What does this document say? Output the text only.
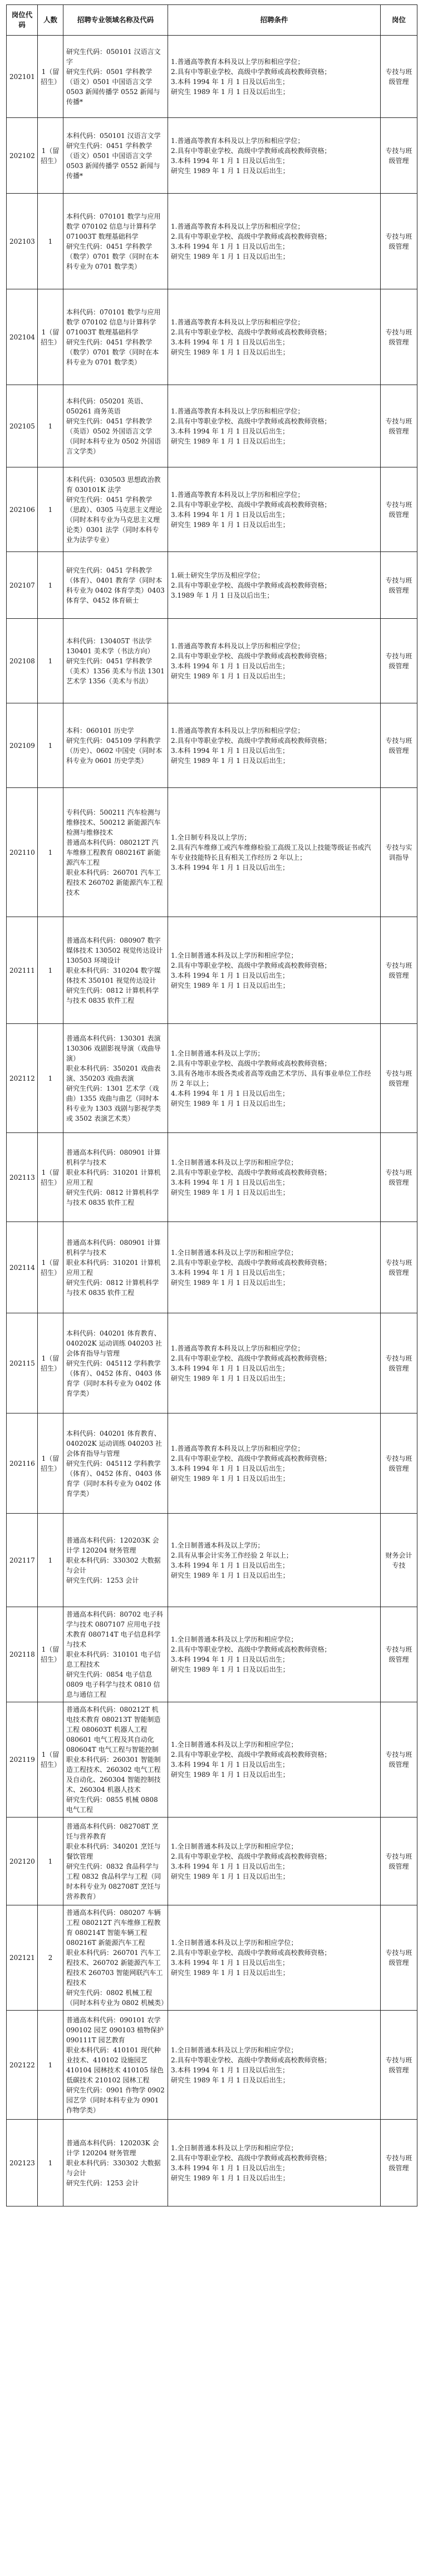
岗位代码	人数	招聘专业领域名称及代码	招聘条件	岗位
202101	1（留招生）	研究生代码：050101 汉语言文字
研究生代码：0501 学科教学（语文）0501 中国语言文学 0503 新闻传播学 0552 新闻与传播*	1.普通高等教育本科及以上学历和相应学位；
2.具有中等职业学校、高级中学教师或高校教师资格；
3.本科 1994 年 1 月 1 日及以后出生；
研究生 1989 年 1 月 1 日及以后出生；	专技与班级管理
202102	1（留招生）	本科代码：050101 汉语言文学
研究生代码：0451 学科教学（语文）0501 中国语言文学 0503 新闻传播学 0552 新闻与传播*	1.普通高等教育本科及以上学历和相应学位；
2.具有中等职业学校、高级中学教师或高校教师资格；
3.本科 1994 年 1 月 1 日及以后出生；
研究生 1989 年 1 月 1 日及以后出生；	专技与班级管理
202103	1	本科代码：070101 数学与应用数学 070102 信息与计算科学 071003T 数理基础科学
研究生代码：0451 学科教学（数学）0701 数学（同时在本科专业为 0701 数学类）	1.普通高等教育本科及以上学历和相应学位；
2.具有中等职业学校、高级中学教师或高校教师资格；
3.本科 1994 年 1 月 1 日及以后出生；
研究生 1989 年 1 月 1 日及以后出生；	专技与班级管理
202104	1（留招生）	本科代码：070101 数学与应用数学 070102 信息与计算科学 071003T 数理基础科学
研究生代码：0451 学科教学（数学）0701 数学（同时在本科专业为 0701 数学类）	1.普通高等教育本科及以上学历和相应学位；
2.具有中等职业学校、高级中学教师或高校教师资格；
3.本科 1994 年 1 月 1 日及以后出生；
研究生 1989 年 1 月 1 日及以后出生；	专技与班级管理
202105	1	本科代码：050201 英语、050261 商务英语
研究生代码：0451 学科教学（英语）0502 外国语言文学（同时本科专业为 0502 外国语言文学类）	1.普通高等教育本科及以上学历和相应学位；
2.具有中等职业学校、高级中学教师或高校教师资格；
3.本科 1994 年 1 月 1 日及以后出生；
研究生 1989 年 1 月 1 日及以后出生；	专技与班级管理
202106	1	本科代码：030503 思想政治教育 030101K 法学
研究生代码：0451 学科教学（思政）、0305 马克思主义理论（同时本科专业为马克思主义理论类）0301 法学（同时本科专业为法学专业）	1.普通高等教育本科及以上学历和相应学位；
2.具有中等职业学校、高级中学教师或高校教师资格；
3.本科 1994 年 1 月 1 日及以后出生；
研究生 1989 年 1 月 1 日及以后出生；	专技与班级管理
202107	1	研究生代码：0451 学科教学（体育）、0401 教育学（同时本科专业为 0402 体育学类）0403 体育学、0452 体育硕士	1.硕士研究生学历及相应学位；
2.具有中等职业学校、高级中学教师或高校教师资格；
3.1989 年 1 月 1 日及以后出生；	专技与班级管理
202108	1	本科代码：130405T 书法学 130401 美术学（书法方向）
研究生代码：0451 学科教学（美术）1356 美术与书法 1301 艺术学 1356（美术与书法）	1.普通高等教育本科及以上学历和相应学位；
2.具有中等职业学校、高级中学教师或高校教师资格；
3.本科 1994 年 1 月 1 日及以后出生；
研究生 1989 年 1 月 1 日及以后出生；	专技与班级管理
202109	1	本科：060101 历史学
研究生代码：045109 学科教学（历史）、0602 中国史（同时本科专业为 0601 历史学类）	1.普通高等教育本科及以上学历和相应学位；
2.具有中等职业学校、高级中学教师或高校教师资格；
3.本科 1994 年 1 月 1 日及以后出生；
研究生 1989 年 1 月 1 日及以后出生；	专技与班级管理
202110	1	专科代码：500211 汽车检测与维修技术、500212 新能源汽车检测与维修技术
普通高本科代码：080212T 汽车维修工程教育 080216T 新能源汽车工程
职业本科代码：260701 汽车工程技术 260702 新能源汽车工程技术	1.全日制专科及以上学历；
2.具有汽车维修工或汽车维修检验工高级工及以上技能等级证书或汽车专业技能特长且有相关工作经历 2 年以上；
3.本科 1994 年 1 月 1 日及以后出生；	专技与实训指导
202111	1	普通高本科代码：080907 数字媒体技术 130502 视觉传达设计 130503 环境设计
职业本科代码：310204 数字媒体技术 350101 视觉传达设计
研究生代码：0812 计算机科学与技术 0835 软件工程	1.全日制普通本科及以上学历和相应学位；
2.具有中等职业学校、高级中学教师或高校教师资格；
3.本科 1994 年 1 月 1 日及以后出生；
研究生 1989 年 1 月 1 日及以后出生；	专技与班级管理
202112	1	普通高本科代码：130301 表演 130306 戏剧影视导演（戏曲导演）
职业本科代码：350201 戏曲表演、350203 戏曲表演
研究生代码：1301 艺术学（戏曲）1355 戏曲与曲艺（同时本科专业为 1303 戏剧与影视学类或 3502 表演艺术类）	1.全日制普通本科及以上学历；
2.具有中等职业学校、高级中学教师或高校教师资格；
3.具有各地市本级各类或者高等戏曲艺术学历、具有事业单位工作经历 2 年以上；
4.本科 1994 年 1 月 1 日及以后出生；
研究生 1989 年 1 月 1 日及以后出生；	专技与班级管理
202113	1（留招生）	普通高本科代码：080901 计算机科学与技术
职业本科代码：310201 计算机应用工程
研究生代码：0812 计算机科学与技术 0835 软件工程	1.全日制普通本科及以上学历和相应学位；
2.具有中等职业学校、高级中学教师或高校教师资格；
3.本科 1994 年 1 月 1 日及以后出生；
研究生 1989 年 1 月 1 日及以后出生；	专技与班级管理
202114	1（留招生）	普通高本科代码：080901 计算机科学与技术
职业本科代码：310201 计算机应用工程
研究生代码：0812 计算机科学与技术 0835 软件工程	1.全日制普通本科及以上学历和相应学位；
2.具有中等职业学校、高级中学教师或高校教师资格；
3.本科 1994 年 1 月 1 日及以后出生；
研究生 1989 年 1 月 1 日及以后出生；	专技与班级管理
202115	1（留招生）	本科代码：040201 体育教育、040202K 运动训练 040203 社会体育指导与管理
研究生代码：045112 学科教学（体育）、0452 体育、0403 体育学（同时本科专业为 0402 体育学类）	1.普通高等教育本科及以上学历和相应学位；
2.具有中等职业学校、高级中学教师或高校教师资格；
3.本科 1994 年 1 月 1 日及以后出生；
研究生 1989 年 1 月 1 日及以后出生；	专技与班级管理
202116	1（留招生）	本科代码：040201 体育教育、040202K 运动训练 040203 社会体育指导与管理
研究生代码：045112 学科教学（体育）、0452 体育、0403 体育学（同时本科专业为 0402 体育学类）	1.普通高等教育本科及以上学历和相应学位；
2.具有中等职业学校、高级中学教师或高校教师资格；
3.本科 1994 年 1 月 1 日及以后出生；
研究生 1989 年 1 月 1 日及以后出生；	专技与班级管理
202117	1	普通高本科代码：120203K 会计学 120204 财务管理
职业本科代码：330302 大数据与会计
研究生代码：1253 会计	1.全日制普通本科及以上学历；
2.具有从事会计实务工作经验 2 年以上；
3.本科 1994 年 1 月 1 日及以后出生；
研究生 1989 年 1 月 1 日及以后出生；	财务会计专技
202118	1（留招生）	普通高本科代码：80702 电子科学与技术 0807107 应用电子技术教育 080714T 电子信息科学与技术
职业本科代码：310101 电子信息工程技术
研究生代码：0854 电子信息 0809 电子科学与技术 0810 信息与通信工程	1.全日制普通本科及以上学历和相应学位；
2.具有中等职业学校、高级中学教师或高校教师资格；
3.本科 1994 年 1 月 1 日及以后出生；
研究生 1989 年 1 月 1 日及以后出生；	专技与班级管理
202119	1（留招生）	普通高本科代码：080212T 机电技术教育 080213T 智能制造工程 080603T 机器人工程 080601 电气工程及其自动化 080604T 电气工程与智能控制
职业本科代码：260301 智能制造工程技术、260302 电气工程及自动化、260304 智能控制技术、260304 机器人技术
研究生代码：0855 机械 0808 电气工程	1.全日制普通本科及以上学历和相应学位；
2.具有中等职业学校、高级中学教师或高校教师资格；
3.本科 1994 年 1 月 1 日及以后出生；
研究生 1989 年 1 月 1 日及以后出生；	专技与班级管理
202120	1	普通高本科代码：082708T 烹饪与营养教育
职业本科代码：340201 烹饪与餐饮管理
研究生代码：0832 食品科学与工程 0832 食品科学与工程（同时本科专业为 082708T 烹饪与营养教育）	1.全日制普通本科及以上学历和相应学位；
2.具有中等职业学校、高级中学教师或高校教师资格；
3.本科 1994 年 1 月 1 日及以后出生；
研究生 1989 年 1 月 1 日及以后出生；	专技与班级管理
202121	2	普通高本科代码：080207 车辆工程 080212T 汽车维修工程教育 080214T 智能车辆工程 080216T 新能源汽车工程
职业本科代码：260701 汽车工程技术、260702 新能源汽车工程技术 260703 智能网联汽车工程技术
研究生代码：0802 机械工程（同时本科专业为 0802 机械类）	1.全日制普通本科及以上学历和相应学位；
2.具有中等职业学校、高级中学教师或高校教师资格；
3.本科 1994 年 1 月 1 日及以后出生；
研究生 1989 年 1 月 1 日及以后出生；	专技与班级管理
202122	1	普通高本科代码：090101 农学 090102 园艺 090103 植物保护 090111T 园艺教育
职业本科代码：410101 现代种业技术、410102 设施园艺 410104 园林技术 410105 绿色低碳技术 210102 园林工程
研究生代码：0901 作物学 0902 园艺学（同时本科专业为 0901 作物学类）	1.全日制普通本科及以上学历和相应学位；
2.具有中等职业学校、高级中学教师或高校教师资格；
3.本科 1994 年 1 月 1 日及以后出生；
研究生 1989 年 1 月 1 日及以后出生；	专技与班级管理
202123	1	普通高本科代码：120203K 会计学 120204 财务管理
职业本科代码：330302 大数据与会计
研究生代码：1253 会计	1.全日制普通本科及以上学历和相应学位；
2.具有中等职业学校、高级中学教师或高校教师资格；
3.本科 1994 年 1 月 1 日及以后出生；
研究生 1989 年 1 月 1 日及以后出生；	专技与班级管理
